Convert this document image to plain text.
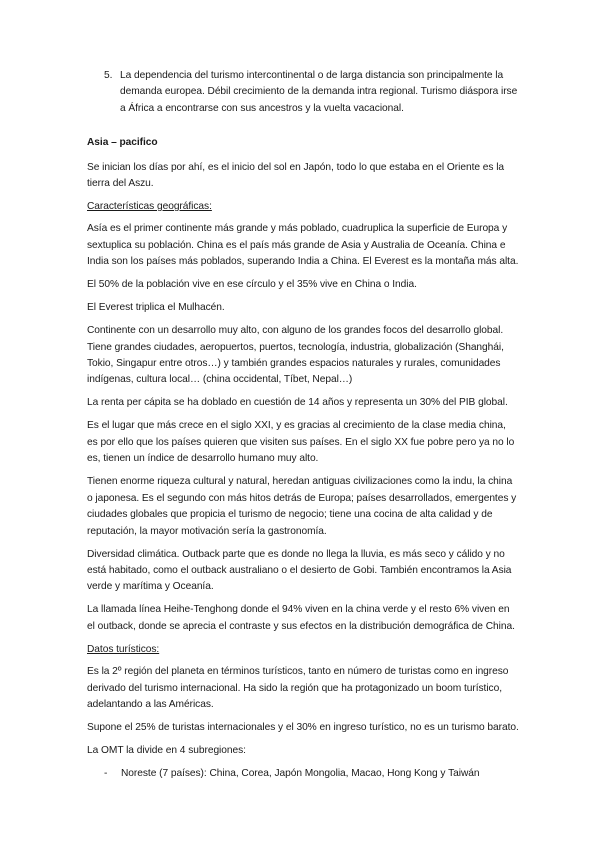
5. La dependencia del turismo intercontinental o de larga distancia son principalmente la demanda europea. Débil crecimiento de la demanda intra regional. Turismo diáspora irse a África a encontrarse con sus ancestros y la vuelta vacacional.

Asia – pacifico

Se inician los días por ahí, es el inicio del sol en Japón, todo lo que estaba en el Oriente es la tierra del Aszu.

Características geográficas:

Asía es el primer continente más grande y más poblado, cuadruplica la superficie de Europa y sextuplica su población. China es el país más grande de Asia y Australia de Oceanía. China e India son los países más poblados, superando India a China. El Everest es la montaña más alta.

El 50% de la población vive en ese círculo y el 35% vive en China o India.

El Everest triplica el Mulhacén.

Continente con un desarrollo muy alto, con alguno de los grandes focos del desarrollo global. Tiene grandes ciudades, aeropuertos, puertos, tecnología, industria, globalización (Shanghái, Tokio, Singapur entre otros…) y también grandes espacios naturales y rurales, comunidades indígenas, cultura local… (china occidental, Tíbet, Nepal…)

La renta per cápita se ha doblado en cuestión de 14 años y representa un 30% del PIB global.

Es el lugar que más crece en el siglo XXI, y es gracias al crecimiento de la clase media china, es por ello que los países quieren que visiten sus países. En el siglo XX fue pobre pero ya no lo es, tienen un índice de desarrollo humano muy alto.

Tienen enorme riqueza cultural y natural, heredan antiguas civilizaciones como la indu, la china o japonesa. Es el segundo con más hitos detrás de Europa; países desarrollados, emergentes y ciudades globales que propicia el turismo de negocio; tiene una cocina de alta calidad y de reputación, la mayor motivación sería la gastronomía.

Diversidad climática. Outback parte que es donde no llega la lluvia, es más seco y cálido y no está habitado, como el outback australiano o el desierto de Gobi. También encontramos la Asia verde y marítima y Oceanía.

La llamada línea Heihe-Tenghong donde el 94% viven en la china verde y el resto 6% viven en el outback, donde se aprecia el contraste y sus efectos en la distribución demográfica de China.

Datos turísticos:

Es la 2º región del planeta en términos turísticos, tanto en número de turistas como en ingreso derivado del turismo internacional. Ha sido la región que ha protagonizado un boom turístico, adelantando a las Américas.

Supone el 25% de turistas internacionales y el 30% en ingreso turístico, no es un turismo barato.

La OMT la divide en 4 subregiones:

- Noreste (7 países): China, Corea, Japón Mongolia, Macao, Hong Kong y Taiwán
